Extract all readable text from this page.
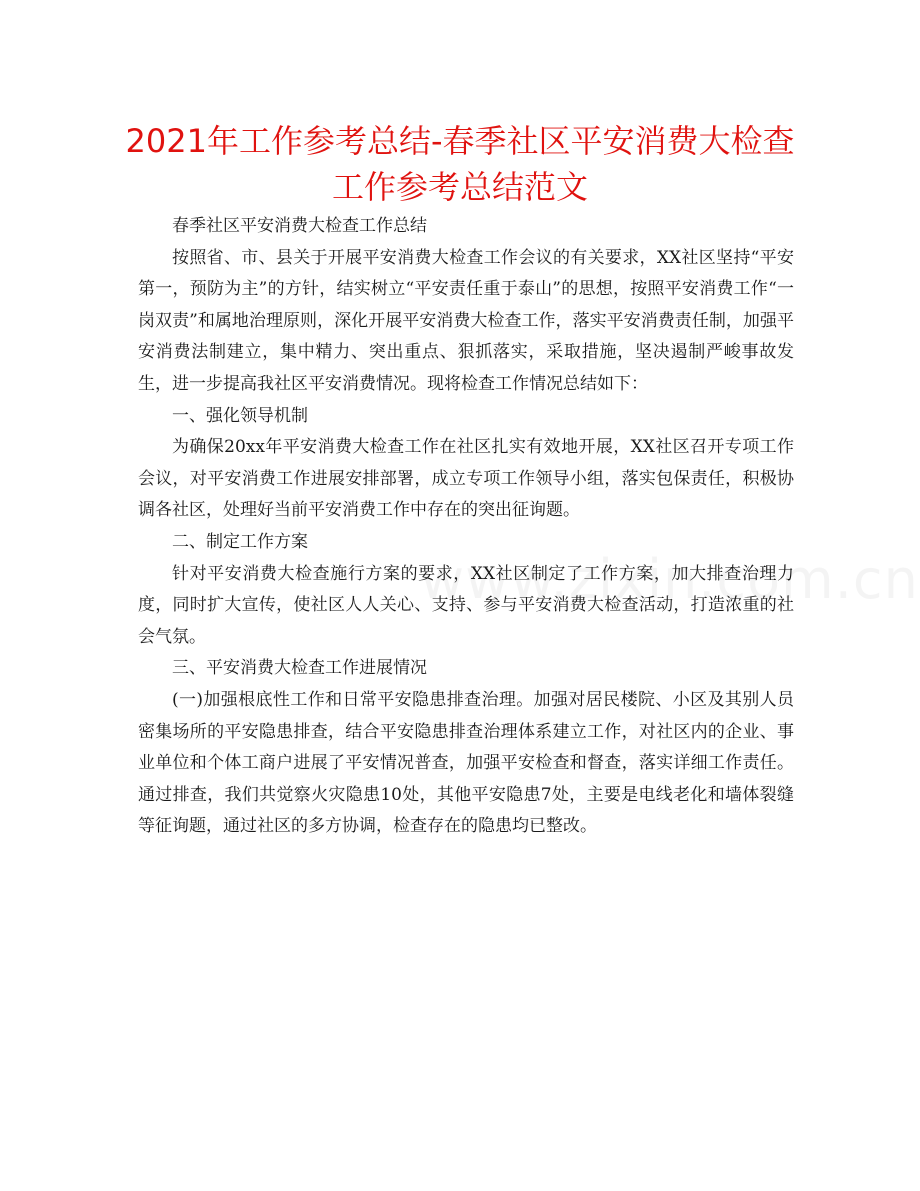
2021年工作参考总结-春季社区平安消费大检查工作参考总结范文

春季社区平安消费大检查工作总结

按照省、市、县关于开展平安消费大检查工作会议的有关要求，XX社区坚持“平安第一，预防为主”的方针，结实树立“平安责任重于泰山”的思想，按照平安消费工作“一岗双责”和属地治理原则，深化开展平安消费大检查工作，落实平安消费责任制，加强平安消费法制建立，集中精力、突出重点、狠抓落实，采取措施，坚决遏制严峻事故发生，进一步提高我社区平安消费情况。现将检查工作情况总结如下：

一、强化领导机制

为确保20xx年平安消费大检查工作在社区扎实有效地开展，XX社区召开专项工作会议，对平安消费工作进展安排部署，成立专项工作领导小组，落实包保责任，积极协调各社区，处理好当前平安消费工作中存在的突出征询题。

二、制定工作方案

针对平安消费大检查施行方案的要求，XX社区制定了工作方案，加大排查治理力度，同时扩大宣传，使社区人人关心、支持、参与平安消费大检查活动，打造浓重的社会气氛。

三、平安消费大检查工作进展情况

(一)加强根底性工作和日常平安隐患排查治理。加强对居民楼院、小区及其别人员密集场所的平安隐患排查，结合平安隐患排查治理体系建立工作，对社区内的企业、事业单位和个体工商户进展了平安情况普查，加强平安检查和督查，落实详细工作责任。通过排查，我们共觉察火灾隐患10处，其他平安隐患7处，主要是电线老化和墙体裂缝等征询题，通过社区的多方协调，检查存在的隐患均已整改。
